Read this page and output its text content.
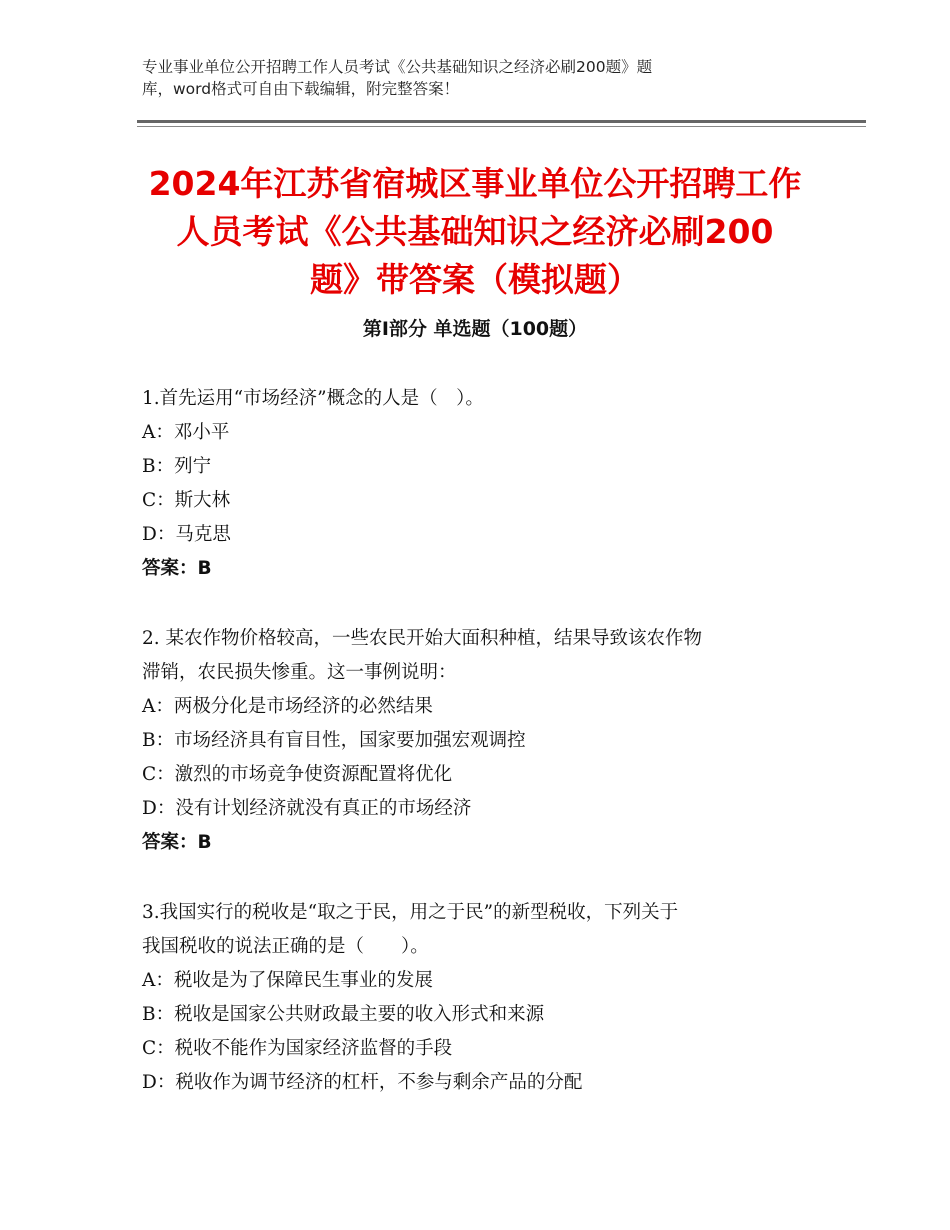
专业事业单位公开招聘工作人员考试《公共基础知识之经济必刷200题》题
库，word格式可自由下载编辑，附完整答案！
2024年江苏省宿城区事业单位公开招聘工作
人员考试《公共基础知识之经济必刷200
题》带答案（模拟题）
第Ⅰ部分 单选题（100题）
1.首先运用“市场经济”概念的人是（　）。
A：邓小平
B：列宁
C：斯大林
D：马克思
答案：B
2. 某农作物价格较高，一些农民开始大面积种植，结果导致该农作物
滞销，农民损失惨重。这一事例说明：
A：两极分化是市场经济的必然结果
B：市场经济具有盲目性，国家要加强宏观调控
C：激烈的市场竞争使资源配置将优化
D：没有计划经济就没有真正的市场经济
答案：B
3.我国实行的税收是“取之于民，用之于民”的新型税收，下列关于
我国税收的说法正确的是（　　）。
A：税收是为了保障民生事业的发展
B：税收是国家公共财政最主要的收入形式和来源
C：税收不能作为国家经济监督的手段
D：税收作为调节经济的杠杆，不参与剩余产品的分配
